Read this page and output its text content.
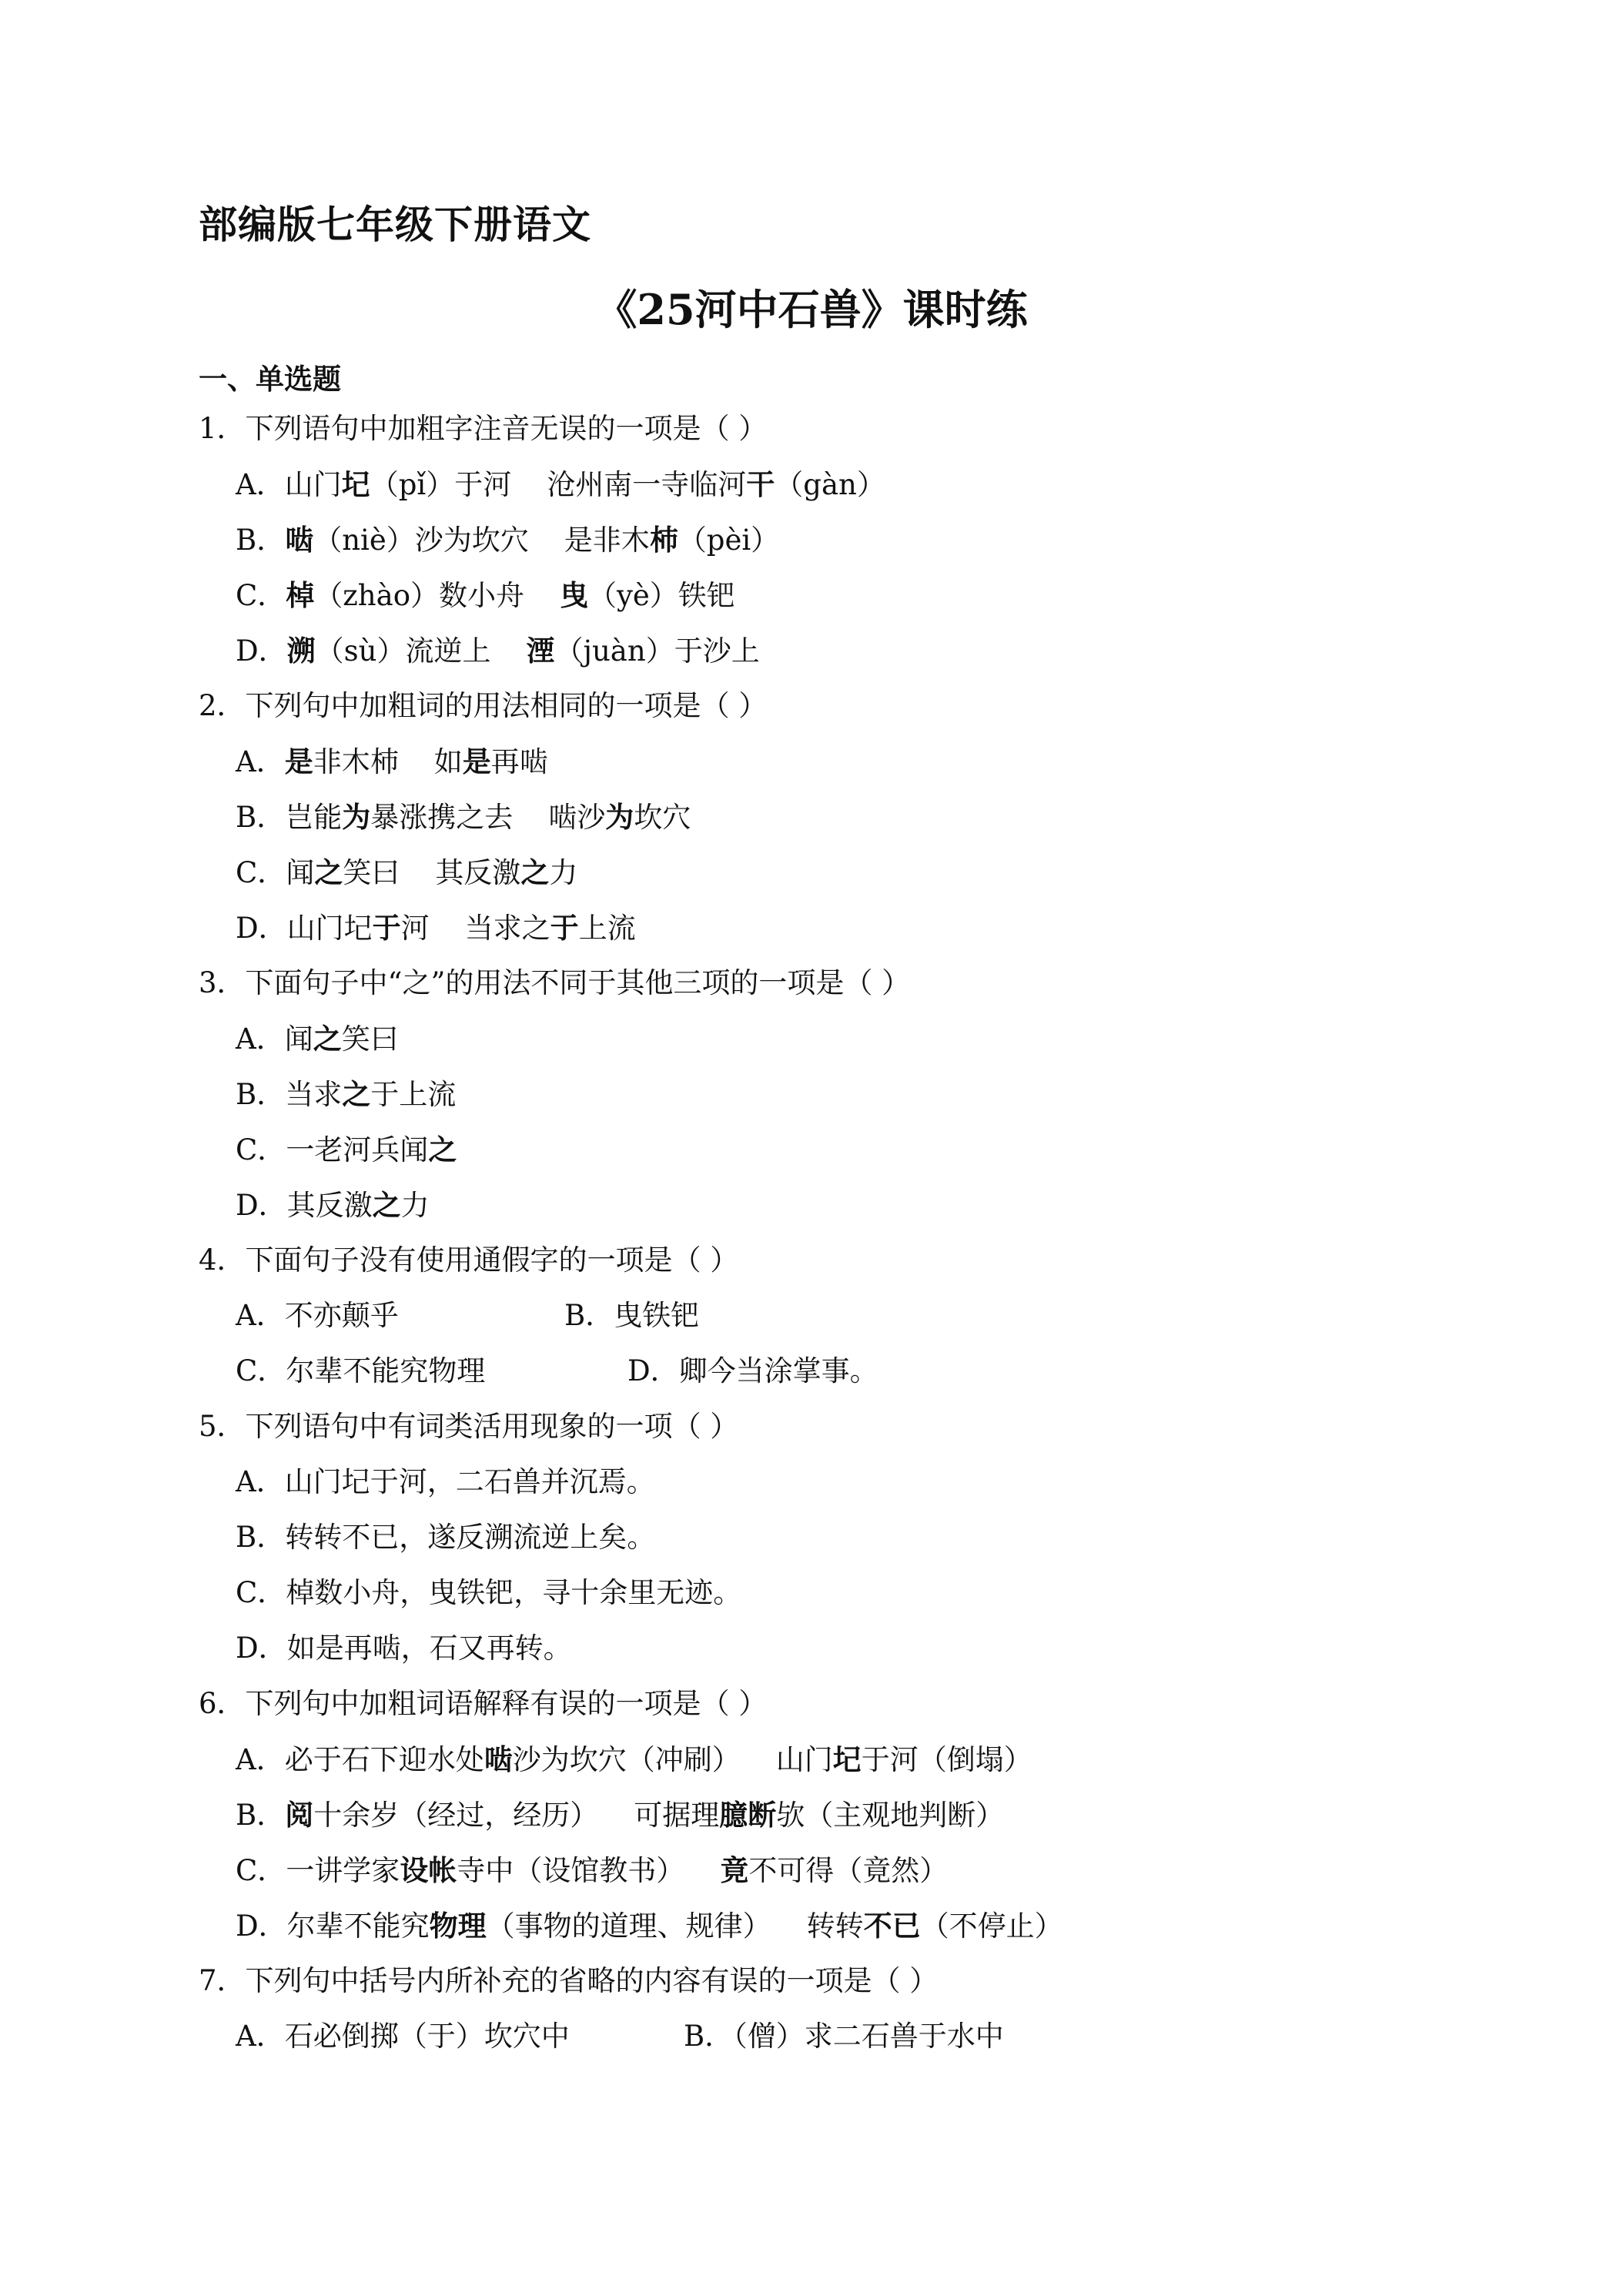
部编版七年级下册语文
《25河中石兽》课时练
一、单选题
1．下列语句中加粗字注音无误的一项是（ ）
A．山门圮（pǐ）于河 沧州南一寺临河干（gàn）
B．啮（niè）沙为坎穴 是非木杮（pèi）
C．棹（zhào）数小舟 曳（yè）铁钯
D．溯（sù）流逆上 湮（juàn）于沙上
2．下列句中加粗词的用法相同的一项是（ ）
A．是非木杮 如是再啮
B．岂能为暴涨携之去 啮沙为坎穴
C．闻之笑曰 其反激之力
D．山门圮于河 当求之于上流
3．下面句子中“之”的用法不同于其他三项的一项是（ ）
A．闻之笑曰
B．当求之于上流
C．一老河兵闻之
D．其反激之力
4．下面句子没有使用通假字的一项是（ ）
A．不亦颠乎	B．曳铁钯
C．尔辈不能究物理	D．卿今当涂掌事。
5．下列语句中有词类活用现象的一项（ ）
A．山门圮于河，二石兽并沉焉。
B．转转不已，遂反溯流逆上矣。
C．棹数小舟，曳铁钯，寻十余里无迹。
D．如是再啮，石又再转。
6．下列句中加粗词语解释有误的一项是（ ）
A．必于石下迎水处啮沙为坎穴（冲刷） 山门圮于河（倒塌）
B．阅十余岁（经过，经历） 可据理臆断欤（主观地判断）
C．一讲学家设帐寺中（设馆教书） 竟不可得（竟然）
D．尔辈不能究物理（事物的道理、规律） 转转不已（不停止）
7．下列句中括号内所补充的省略的内容有误的一项是（ ）
A．石必倒掷（于）坎穴中	B．（僧）求二石兽于水中
